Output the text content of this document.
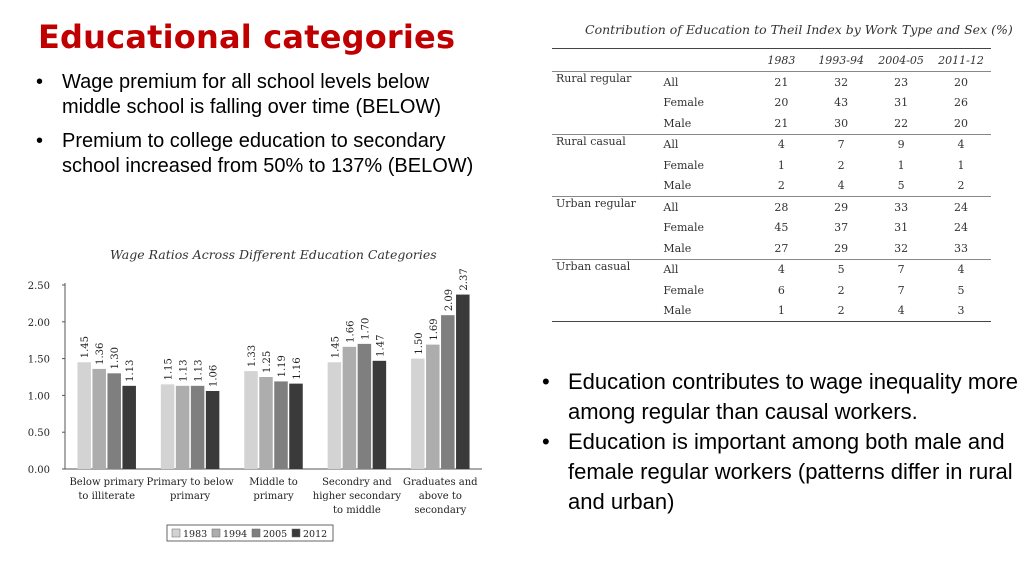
Educational categories
• Wage premium for all school levels below middle school is falling over time (BELOW)
• Premium to college education to secondary school increased from 50% to 137% (BELOW)

Contribution of Education to Theil Index by Work Type and Sex (%)

		1983	1993-94	2004-05	2011-12
Rural regular	All	21	32	23	20
	Female	20	43	31	26
	Male	21	30	22	20
Rural casual	All	4	7	9	4
	Female	1	2	1	1
	Male	2	4	5	2
Urban regular	All	28	29	33	24
	Female	45	37	31	24
	Male	27	29	32	33
Urban casual	All	4	5	7	4
	Female	6	2	7	5
	Male	1	2	4	3

Wage Ratios Across Different Education Categories

0.00
0.50
1.00
1.50
2.00
2.50
1.45 1.36 1.30
1.13
Below primary
to illiterate
1.15 1.13 1.13 1.06
Primary to below
primary
1.33 1.25 1.19 1.16
Middle to
primary
1.45
1.66 1.70
1.47
Secondry and
higher secondary
to middle
1.50
1.69
2.09
2.37
Graduates and
above to
secondary
1983 1994 2005 2012
• Education contributes to wage inequality more among regular than causal workers.
• Education is important among both male and female regular workers (patterns differ in rural and urban)
